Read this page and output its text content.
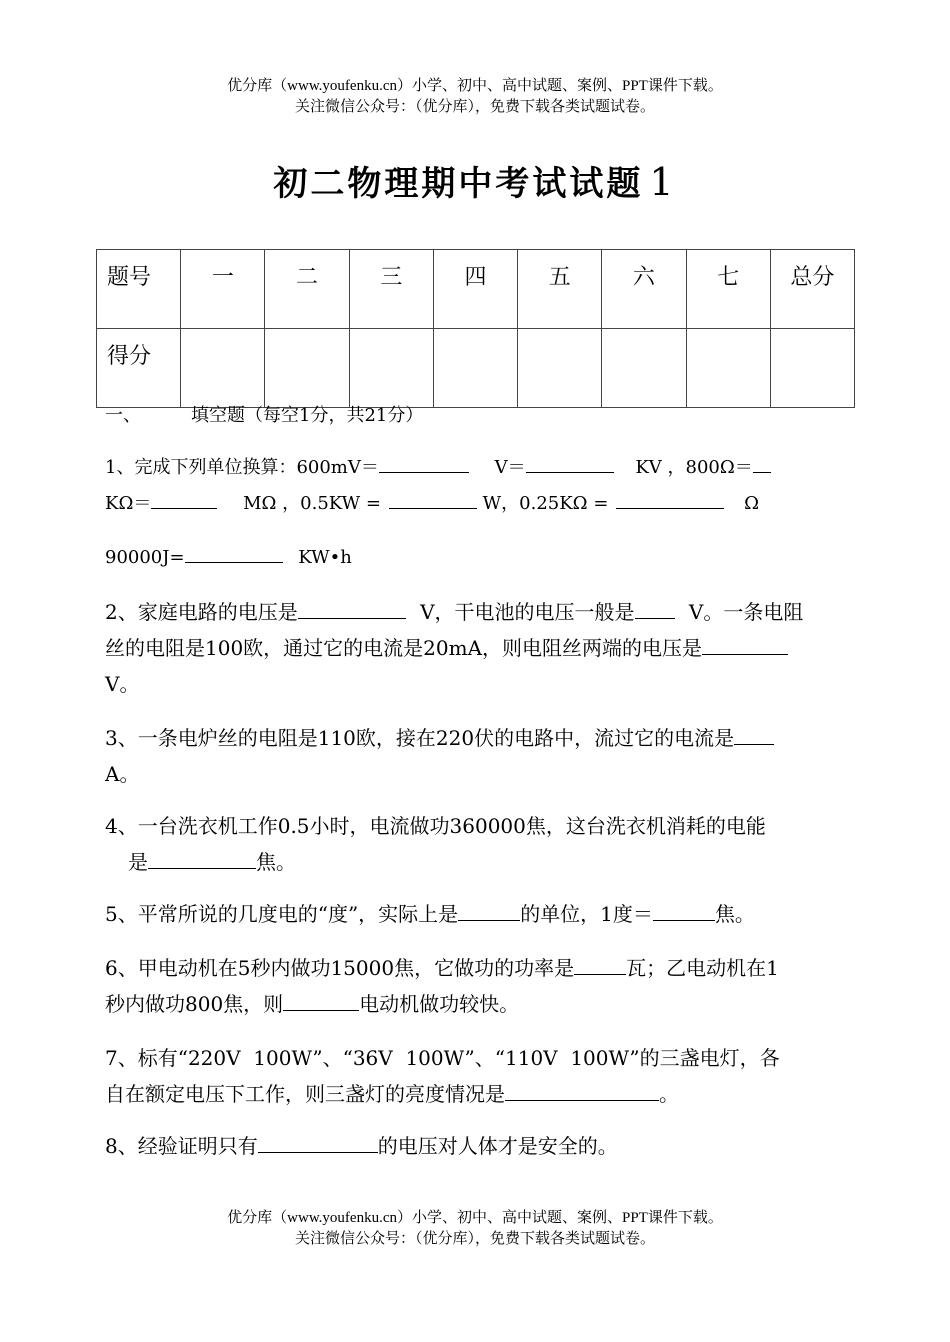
优分库（www.youfenku.cn）小学、初中、高中试题、案例、PPT课件下载。
关注微信公众号：（优分库），免费下载各类试题试卷。
初二物理期中考试试题 1
题号	一	二	三	四	五	六	七	总分
得分								
一、	填空题（每空1分，共21分）
1、完成下列单位换算：600mV＝	V＝	KV ，800Ω＝
KΩ＝	MΩ ，0.5KW =	W，0.25KΩ =	Ω
90000J=	KW•h
2、家庭电路的电压是	V，干电池的电压一般是	V。一条电阻
丝的电阻是100欧，通过它的电流是20mA，则电阻丝两端的电压是
V。
3、一条电炉丝的电阻是110欧，接在220伏的电路中，流过它的电流是
A。
4、一台洗衣机工作0.5小时，电流做功360000焦，这台洗衣机消耗的电能
是	焦。
5、平常所说的几度电的“度”，实际上是	的单位，1度＝	焦。
6、甲电动机在5秒内做功15000焦，它做功的功率是	瓦；乙电动机在1
秒内做功800焦，则	电动机做功较快。
7、标有“220V  100W”、“36V  100W”、“110V  100W”的三盏电灯，各
自在额定电压下工作，则三盏灯的亮度情况是	。
8、经验证明只有	的电压对人体才是安全的。
优分库（www.youfenku.cn）小学、初中、高中试题、案例、PPT课件下载。
关注微信公众号：（优分库），免费下载各类试题试卷。
